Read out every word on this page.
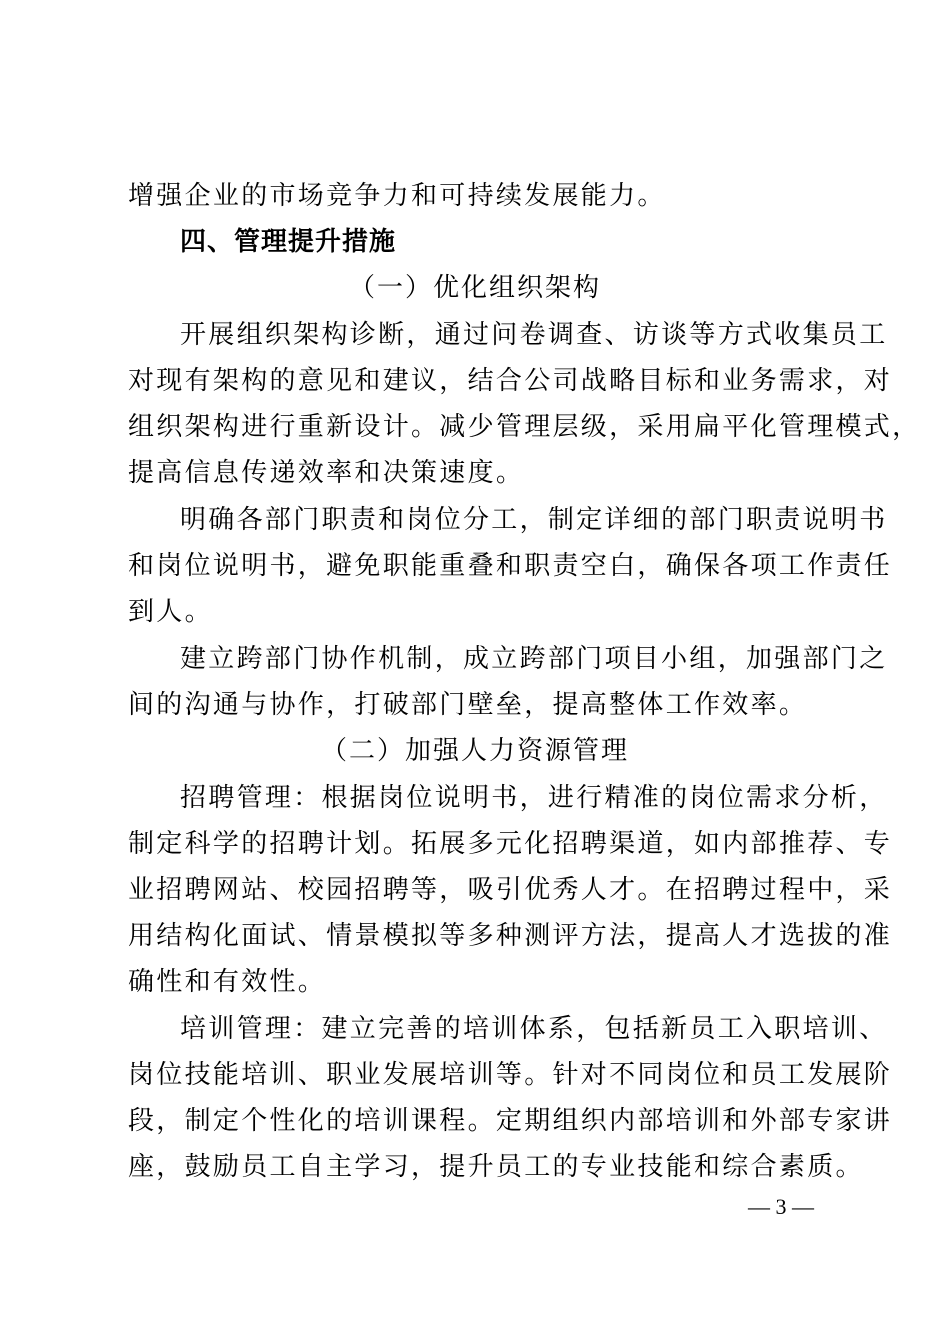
增强企业的市场竞争力和可持续发展能力。
四、管理提升措施
（一）优化组织架构
开展组织架构诊断，通过问卷调查、访谈等方式收集员工
对现有架构的意见和建议，结合公司战略目标和业务需求，对
组织架构进行重新设计。减少管理层级，采用扁平化管理模式，
提高信息传递效率和决策速度。
明确各部门职责和岗位分工，制定详细的部门职责说明书
和岗位说明书，避免职能重叠和职责空白，确保各项工作责任
到人。
建立跨部门协作机制，成立跨部门项目小组，加强部门之
间的沟通与协作，打破部门壁垒，提高整体工作效率。
（二）加强人力资源管理
招聘管理：根据岗位说明书，进行精准的岗位需求分析，
制定科学的招聘计划。拓展多元化招聘渠道，如内部推荐、专
业招聘网站、校园招聘等，吸引优秀人才。在招聘过程中，采
用结构化面试、情景模拟等多种测评方法，提高人才选拔的准
确性和有效性。
培训管理：建立完善的培训体系，包括新员工入职培训、
岗位技能培训、职业发展培训等。针对不同岗位和员工发展阶
段，制定个性化的培训课程。定期组织内部培训和外部专家讲
座，鼓励员工自主学习，提升员工的专业技能和综合素质。
— 3 —
